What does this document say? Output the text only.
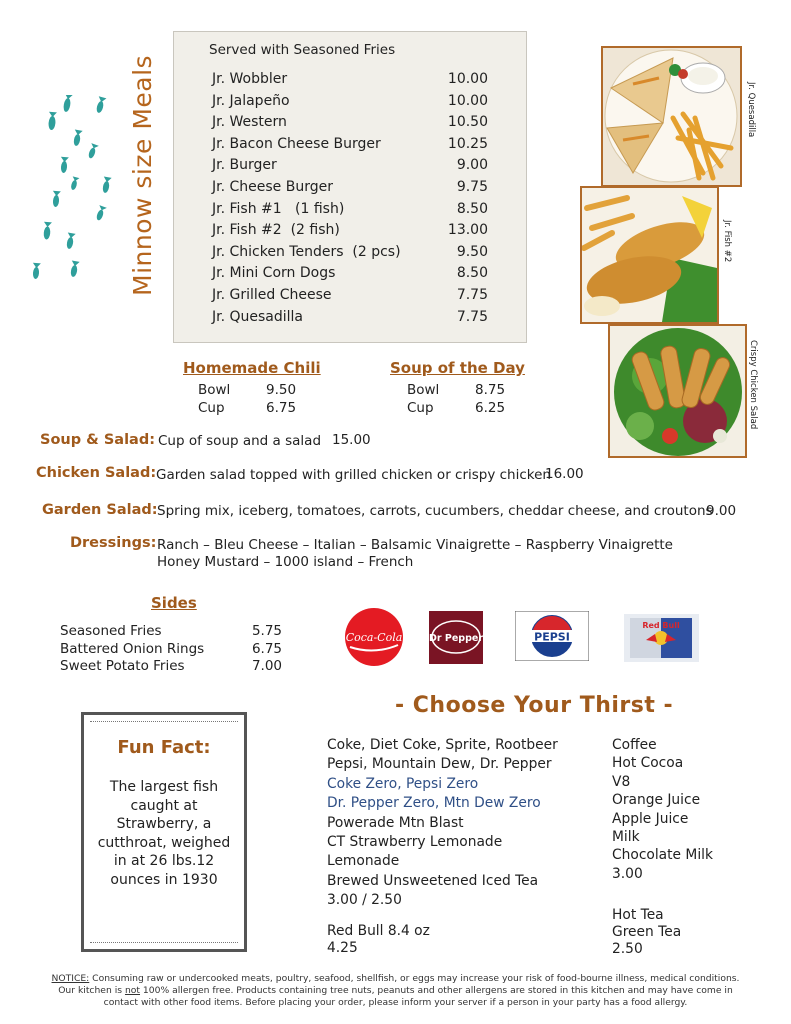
Minnow size Meals
Served with Seasoned Fries
Jr. Wobbler	10.00
Jr. Jalapeño	10.00
Jr. Western	10.50
Jr. Bacon Cheese Burger	10.25
Jr. Burger	9.00
Jr. Cheese Burger	9.75
Jr. Fish #1   (1 fish)	8.50
Jr. Fish #2  (2 fish)	13.00
Jr. Chicken Tenders  (2 pcs)	9.50
Jr. Mini Corn Dogs	8.50
Jr. Grilled Cheese	7.75
Jr. Quesadilla	7.75
Jr. Quesadilla
Jr. Fish #2
Crispy Chicken Salad
Homemade Chili
Bowl	9.50
Cup	6.75
Soup of the Day
Bowl	8.75
Cup	6.25
Soup & Salad: Cup of soup and a salad 15.00
Chicken Salad: Garden salad topped with grilled chicken or crispy chicken
16.00
Garden Salad: Spring mix, iceberg, tomatoes, carrots, cucumbers, cheddar cheese, and croutons
9.00
Dressings: Ranch – Bleu Cheese – Italian – Balsamic Vinaigrette – Raspberry Vinaigrette
Honey Mustard – 1000 island – French
Sides
Seasoned Fries	5.75
Battered Onion Rings	6.75
Sweet Potato Fries	7.00
Coca-Cola	Dr Pepper	PEPSI
Red Bull
- Choose Your Thirst -
Coke, Diet Coke, Sprite, Rootbeer
Pepsi, Mountain Dew, Dr. Pepper
Coke Zero, Pepsi Zero
Dr. Pepper Zero, Mtn Dew Zero
Powerade Mtn Blast
CT Strawberry Lemonade
Lemonade
Brewed Unsweetened Iced Tea
3.00 / 2.50
Red Bull 8.4 oz
4.25
Coffee
Hot Cocoa
V8
Orange Juice
Apple Juice
Milk
Chocolate Milk
3.00
Hot Tea
Green Tea
2.50
Fun Fact:
The largest fish caught at Strawberry, a cutthroat, weighed in at 26 lbs.12 ounces in 1930
NOTICE: Consuming raw or undercooked meats, poultry, seafood, shellfish, or eggs may increase your risk of food-bourne illness, medical conditions.
Our kitchen is not 100% allergen free. Products containing tree nuts, peanuts and other allergens are stored in this kitchen and may have come in
contact with other food items. Before placing your order, please inform your server if a person in your party has a food allergy.
